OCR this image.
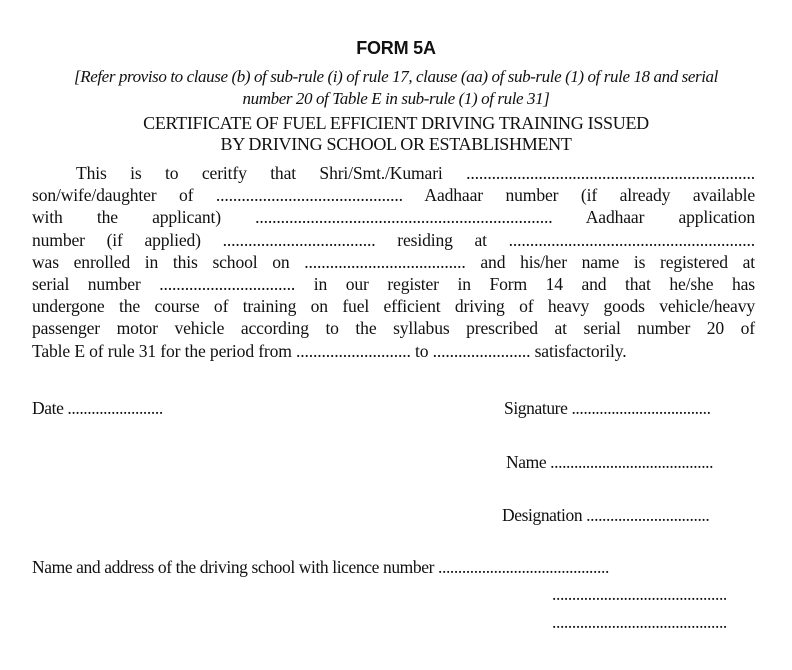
FORM 5A
[Refer proviso to clause (b) of sub-rule (i) of rule 17, clause (aa) of sub-rule (1) of rule 18 and serial
number 20 of Table E in sub-rule (1) of rule 31]
CERTIFICATE OF FUEL EFFICIENT DRIVING TRAINING ISSUED
BY DRIVING SCHOOL OR ESTABLISHMENT
This is to ceritfy that Shri/Smt./Kumari ....................................................................
son/wife/daughter of ............................................ Aadhaar number (if already available
with the applicant) ...................................................................... Aadhaar application
number (if applied) .................................... residing at ..........................................................
was enrolled in this school on ...................................... and his/her name is registered at
serial number ................................ in our register in Form 14 and that he/she has
undergone the course of training on fuel efficient driving of heavy goods vehicle/heavy
passenger motor vehicle according to the syllabus prescribed at serial number 20 of
Table E of rule 31 for the period from ........................... to ....................... satisfactorily.
Date ........................	Signature ...................................
Name .........................................
Designation ...............................
Name and address of the driving school with licence number ...........................................
............................................
............................................
